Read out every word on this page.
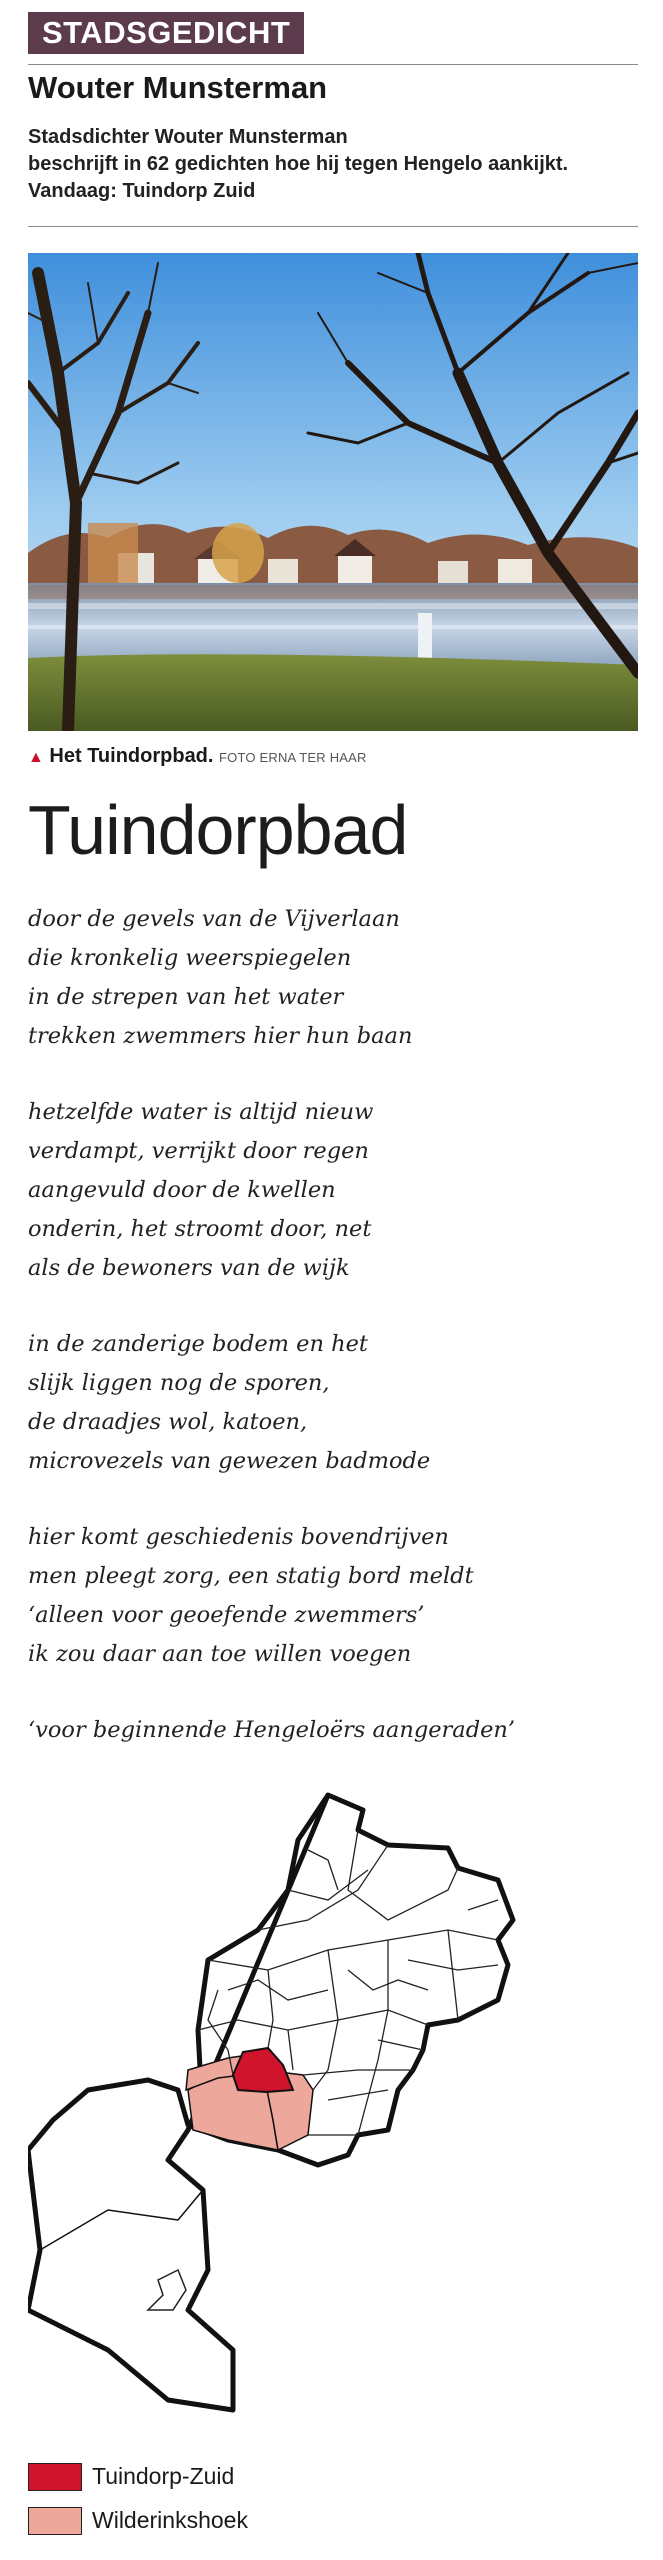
STADSGEDICHT
Wouter Munsterman
Stadsdichter Wouter Munsterman
beschrijft in 62 gedichten hoe hij tegen Hengelo aankijkt.
Vandaag: Tuindorp Zuid
▲ Het Tuindorpbad. FOTO ERNA TER HAAR
Tuindorpbad
door de gevels van de Vijverlaan
die kronkelig weerspiegelen
in de strepen van het water
trekken zwemmers hier hun baan
hetzelfde water is altijd nieuw
verdampt, verrijkt door regen
aangevuld door de kwellen
onderin, het stroomt door, net
als de bewoners van de wijk
in de zanderige bodem en het
slijk liggen nog de sporen,
de draadjes wol, katoen,
microvezels van gewezen badmode
hier komt geschiedenis bovendrijven
men pleegt zorg, een statig bord meldt
‘alleen voor geoefende zwemmers’
ik zou daar aan toe willen voegen
‘voor beginnende Hengeloërs aangeraden’
Tuindorp-Zuid
Wilderinkshoek
